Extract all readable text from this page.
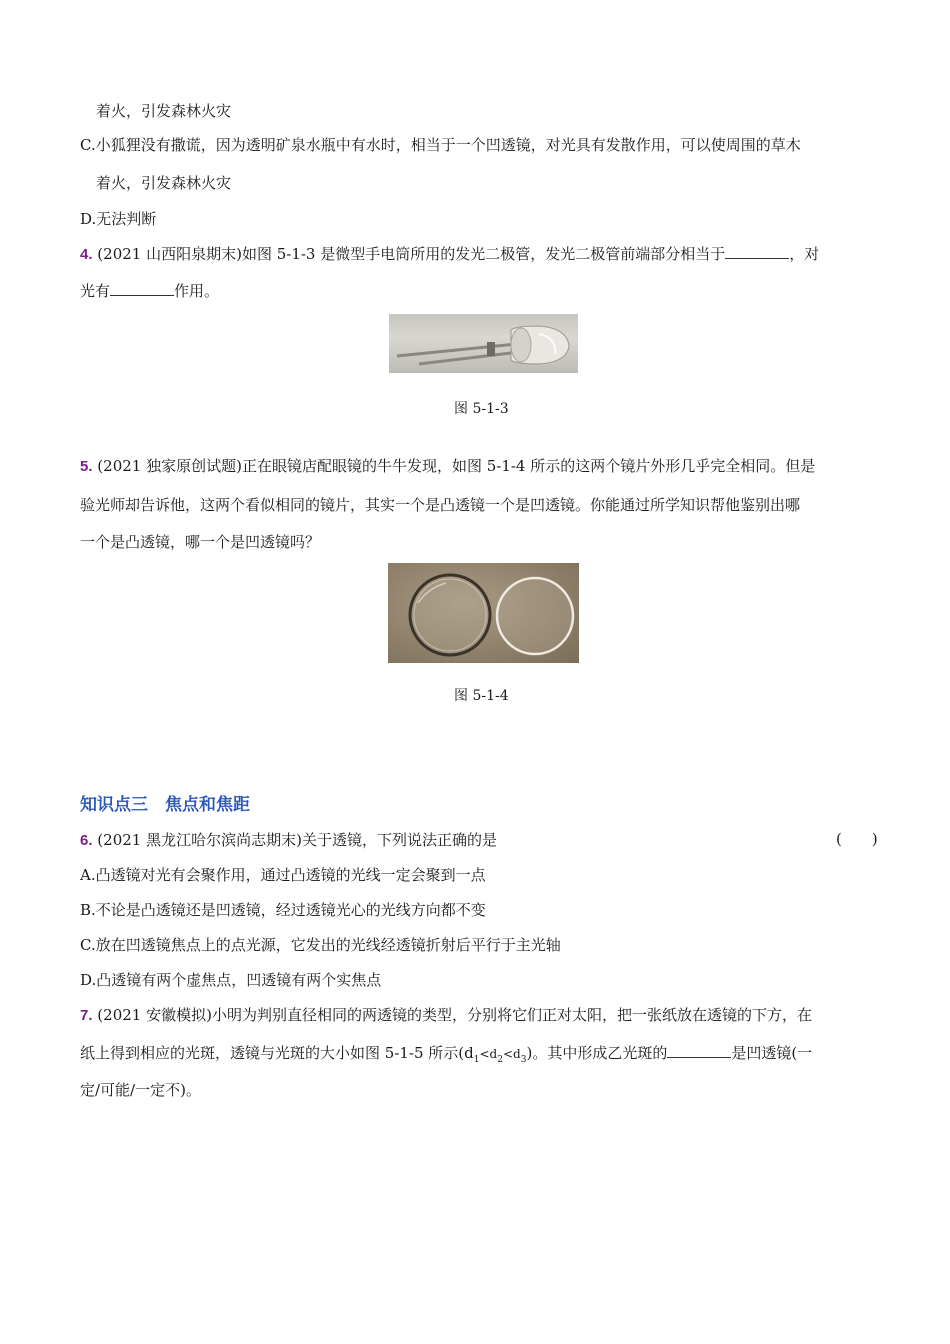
着火，引发森林火灾
C.小狐狸没有撒谎，因为透明矿泉水瓶中有水时，相当于一个凹透镜，对光具有发散作用，可以使周围的草木
着火，引发森林火灾
D.无法判断
4. (2021 山西阳泉期末)如图 5-1-3 是微型手电筒所用的发光二极管，发光二极管前端部分相当于	，对
光有	作用。
图 5-1-3
5. (2021 独家原创试题)正在眼镜店配眼镜的牛牛发现，如图 5-1-4 所示的这两个镜片外形几乎完全相同。但是
验光师却告诉他，这两个看似相同的镜片，其实一个是凸透镜一个是凹透镜。你能通过所学知识帮他鉴别出哪
一个是凸透镜，哪一个是凹透镜吗？
图 5-1-4
知识点三　焦点和焦距
6. (2021 黑龙江哈尔滨尚志期末)关于透镜，下列说法正确的是	(　　)
A.凸透镜对光有会聚作用，通过凸透镜的光线一定会聚到一点
B.不论是凸透镜还是凹透镜，经过透镜光心的光线方向都不变
C.放在凹透镜焦点上的点光源，它发出的光线经透镜折射后平行于主光轴
D.凸透镜有两个虚焦点，凹透镜有两个实焦点
7. (2021 安徽模拟)小明为判别直径相同的两透镜的类型，分别将它们正对太阳，把一张纸放在透镜的下方，在
纸上得到相应的光斑，透镜与光斑的大小如图 5-1-5 所示$(d_1<d_2<d_3)$。其中形成乙光斑的	是凹透镜(一
定/可能/一定不)。
